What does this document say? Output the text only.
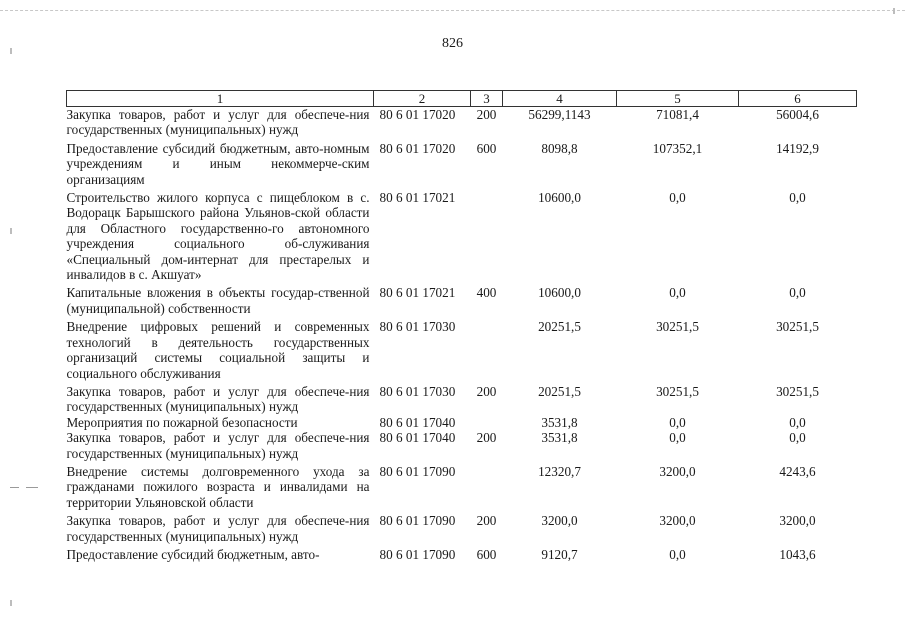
826
1	2	3	4	5	6
Закупка товаров, работ и услуг для обеспече-ния государственных (муниципальных) нужд	80 6 01 17020	200	56299,1143	71081,4	56004,6

Предоставление субсидий бюджетным, авто-номным учреждениям и иным некоммерче-ским организациям	80 6 01 17020	600	8098,8	107352,1	14192,9

Строительство жилого корпуса с пищеблоком в с. Водорацк Барышского района Ульянов-ской области для Областного государственно-го автономного учреждения социального об-служивания «Специальный дом-интернат для престарелых и инвалидов в с. Акшуат»	80 6 01 17021		10600,0	0,0	0,0

Капитальные вложения в объекты государ-ственной (муниципальной) собственности	80 6 01 17021	400	10600,0	0,0	0,0

Внедрение цифровых решений и современных технологий в деятельность государственных организаций системы социальной защиты и социального обслуживания	80 6 01 17030		20251,5	30251,5	30251,5

Закупка товаров, работ и услуг для обеспече-ния государственных (муниципальных) нужд	80 6 01 17030	200	20251,5	30251,5	30251,5
Мероприятия по пожарной безопасности	80 6 01 17040		3531,8	0,0	0,0
Закупка товаров, работ и услуг для обеспече-ния государственных (муниципальных) нужд	80 6 01 17040	200	3531,8	0,0	0,0

Внедрение системы долговременного ухода за гражданами пожилого возраста и инвалидами на территории Ульяновской области	80 6 01 17090		12320,7	3200,0	4243,6

Закупка товаров, работ и услуг для обеспече-ния государственных (муниципальных) нужд	80 6 01 17090	200	3200,0	3200,0	3200,0

Предоставление субсидий бюджетным, авто-	80 6 01 17090	600	9120,7	0,0	1043,6
